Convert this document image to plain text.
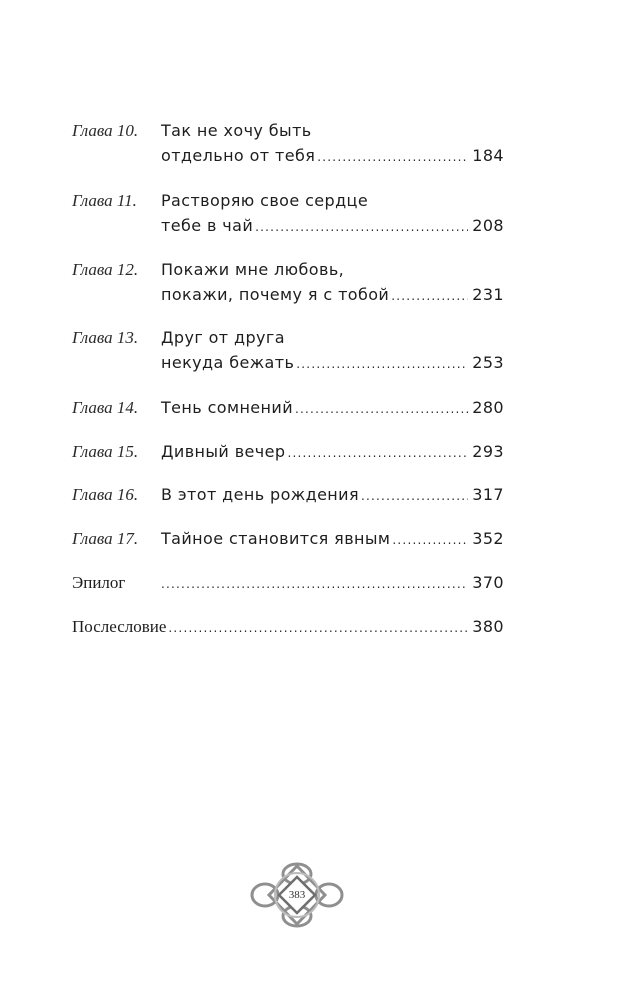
Глава 10. Так не хочу быть
отдельно от тебя .....	184
Глава 11. Растворяю свое сердце
тебе в чай .....	208
Глава 12. Покажи мне любовь,
покажи, почему я с тобой .....	231
Глава 13. Друг от друга
некуда бежать .....	253
Глава 14. Тень сомнений .....	280
Глава 15. Дивный вечер .....	293
Глава 16. В этот день рождения .....	317
Глава 17. Тайное становится явным .....	352
Эпилог .....	370
Послесловие .....	380
383
